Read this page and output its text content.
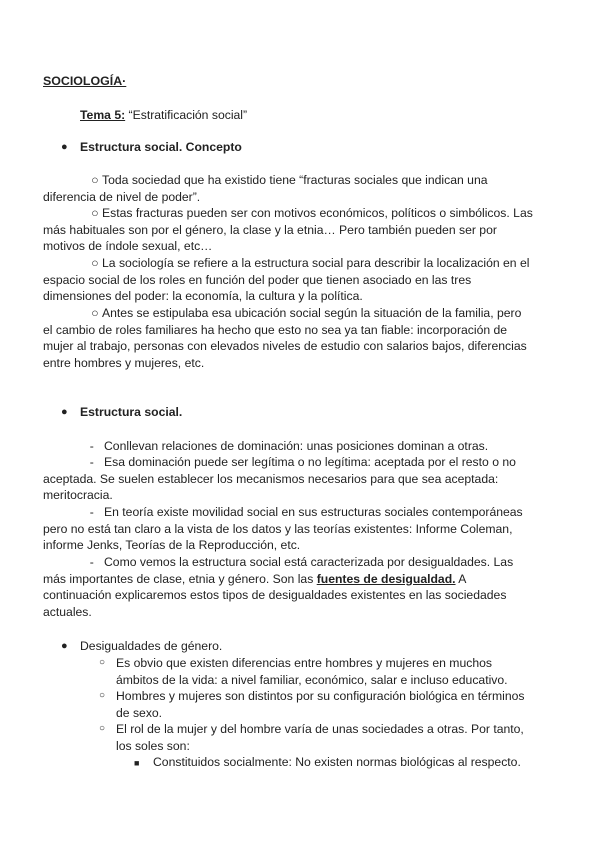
SOCIOLOGÍA·
Tema 5: “Estratificación social”
● Estructura social. Concepto
○ Toda sociedad que ha existido tiene “fracturas sociales que indican una diferencia de nivel de poder”.
○ Estas fracturas pueden ser con motivos económicos, políticos o simbólicos. Las más habituales son por el género, la clase y la etnia… Pero también pueden ser por motivos de índole sexual, etc…
○ La sociología se refiere a la estructura social para describir la localización en el espacio social de los roles en función del poder que tienen asociado en las tres dimensiones del poder: la economía, la cultura y la política.
○ Antes se estipulaba esa ubicación social según la situación de la familia, pero el cambio de roles familiares ha hecho que esto no sea ya tan fiable: incorporación de mujer al trabajo, personas con elevados niveles de estudio con salarios bajos, diferencias entre hombres y mujeres, etc.
● Estructura social.
- Conllevan relaciones de dominación: unas posiciones dominan a otras.
- Esa dominación puede ser legítima o no legítima: aceptada por el resto o no aceptada. Se suelen establecer los mecanismos necesarios para que sea aceptada: meritocracia.
- En teoría existe movilidad social en sus estructuras sociales contemporáneas pero no está tan claro a la vista de los datos y las teorías existentes: Informe Coleman, informe Jenks, Teorías de la Reproducción, etc.
- Como vemos la estructura social está caracterizada por desigualdades. Las más importantes de clase, etnia y género. Son las fuentes de desigualdad. A continuación explicaremos estos tipos de desigualdades existentes en las sociedades actuales.
● Desigualdades de género.
○ Es obvio que existen diferencias entre hombres y mujeres en muchos ámbitos de la vida: a nivel familiar, económico, salar e incluso educativo.
○ Hombres y mujeres son distintos por su configuración biológica en términos de sexo.
○ El rol de la mujer y del hombre varía de unas sociedades a otras. Por tanto, los soles son:
■ Constituidos socialmente: No existen normas biológicas al respecto.
